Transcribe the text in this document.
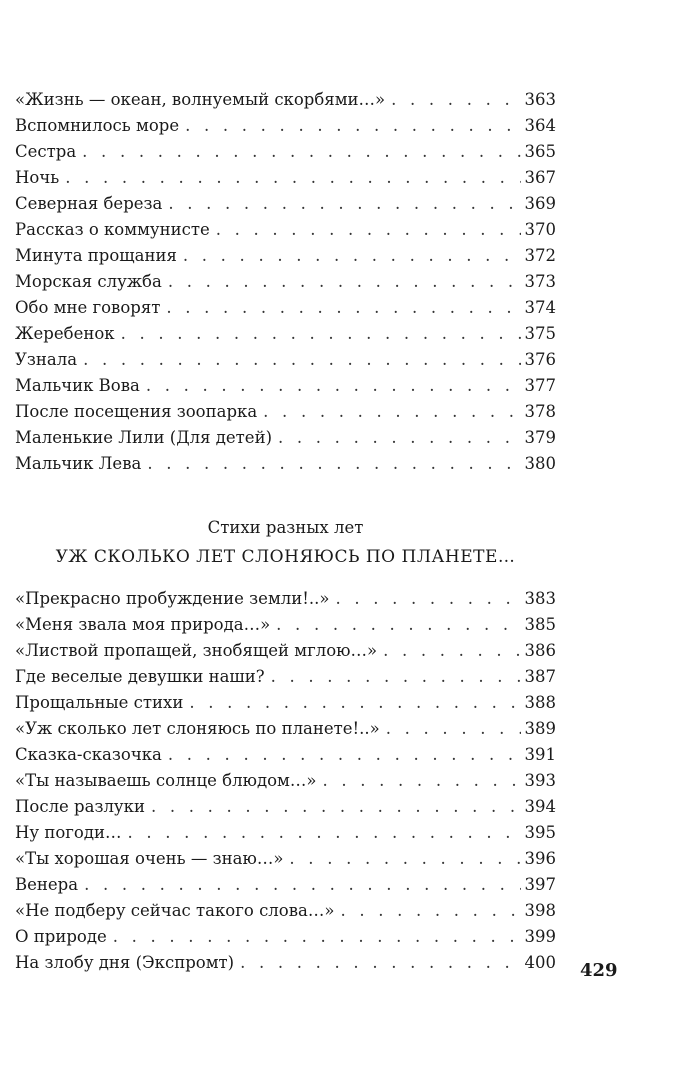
«Жизнь — океан, волнуемый скорбями…» . . .	363
Вспомнилось море . . .	364
Сестра . . .	365
Ночь . . .	367
Северная береза . . .	369
Рассказ о коммунисте . . .	370
Минута прощания . . .	372
Морская служба . . .	373
Обо мне говорят . . .	374
Жеребенок . . .	375
Узнала . . .	376
Мальчик Вова . . .	377
После посещения зоопарка . . .	378
Маленькие Лили (Для детей) . . .	379
Мальчик Лева . . .	380
Стихи разных лет
УЖ СКОЛЬКО ЛЕТ СЛОНЯЮСЬ ПО ПЛАНЕТЕ…
«Прекрасно пробуждение земли!..» . . .	383
«Меня звала моя природа…» . . .	385
«Листвой пропащей, знобящей мглою…» . . .	386
Где веселые девушки наши? . . .	387
Прощальные стихи . . .	388
«Уж сколько лет слоняюсь по планете!..» . . .	389
Сказка-сказочка . . .	391
«Ты называешь солнце блюдом…» . . .	393
После разлуки . . .	394
Ну погоди… . . .	395
«Ты хорошая очень — знаю…» . . .	396
Венера . . .	397
«Не подберу сейчас такого слова…» . . .	398
О природе . . .	399
На злобу дня (Экспромт) . . .	400 429
